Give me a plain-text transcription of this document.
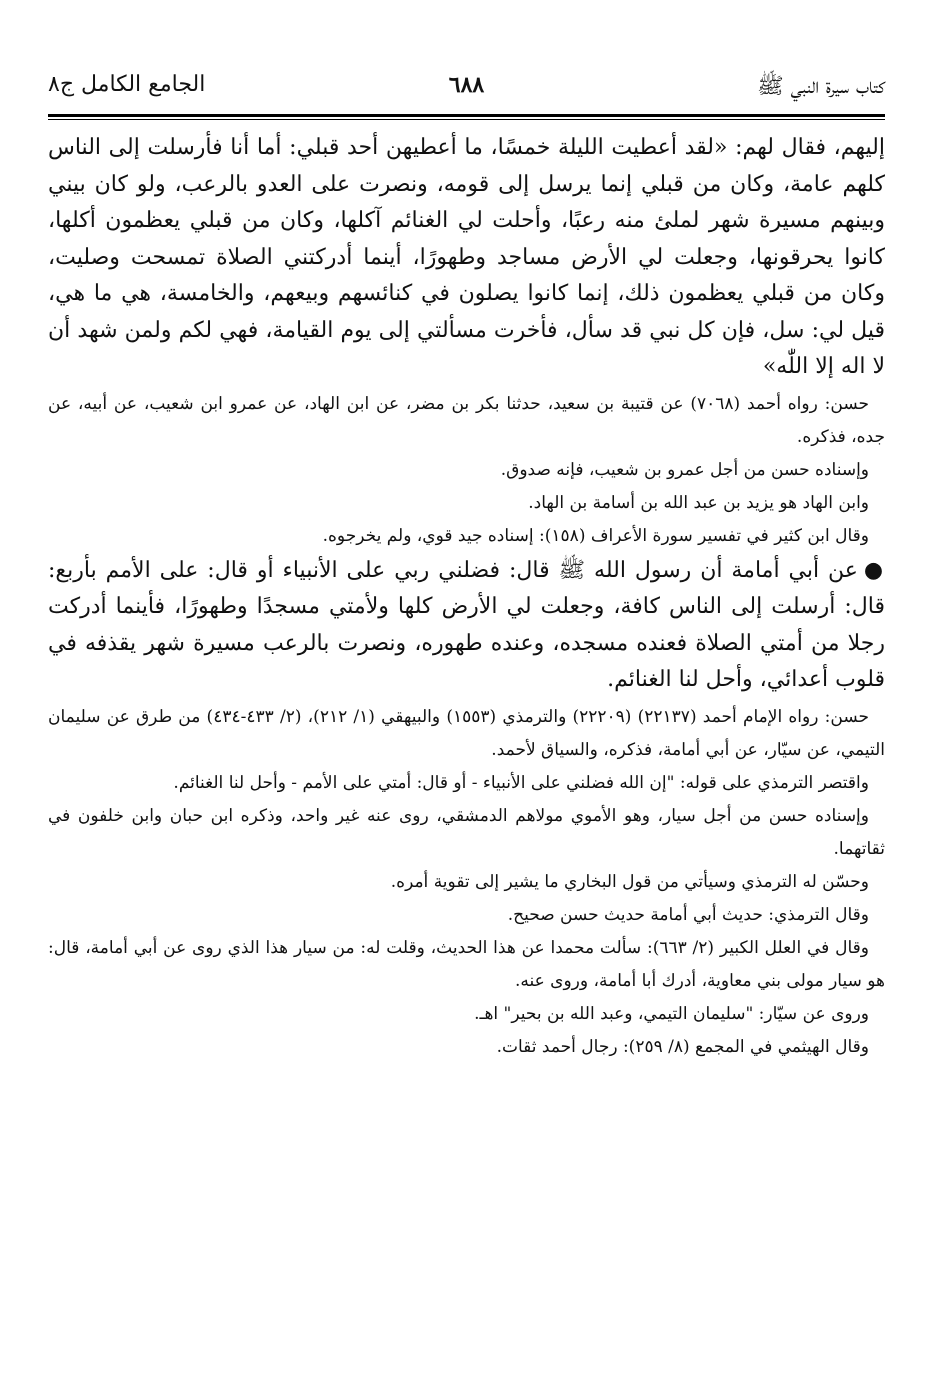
كتاب سيرة النبي ﷺ
٦٨٨
الجامع الكامل ج٨

إليهم، فقال لهم: «لقد أعطيت الليلة خمسًا، ما أعطيهن أحد قبلي: أما أنا فأرسلت إلى الناس كلهم عامة، وكان من قبلي إنما يرسل إلى قومه، ونصرت على العدو بالرعب، ولو كان بيني وبينهم مسيرة شهر لملئ منه رعبًا، وأحلت لي الغنائم آكلها، وكان من قبلي يعظمون أكلها، كانوا يحرقونها، وجعلت لي الأرض مساجد وطهورًا، أينما أدركتني الصلاة تمسحت وصليت، وكان من قبلي يعظمون ذلك، إنما كانوا يصلون في كنائسهم وبيعهم، والخامسة، هي ما هي، قيل لي: سل، فإن كل نبي قد سأل، فأخرت مسألتي إلى يوم القيامة، فهي لكم ولمن شهد أن لا اله إلا اللّٰه»

حسن: رواه أحمد (٧٠٦٨) عن قتيبة بن سعيد، حدثنا بكر بن مضر، عن ابن الهاد، عن عمرو ابن شعيب، عن أبيه، عن جده، فذكره.

وإسناده حسن من أجل عمرو بن شعيب، فإنه صدوق.

وابن الهاد هو يزيد بن عبد الله بن أسامة بن الهاد.

وقال ابن كثير في تفسير سورة الأعراف (١٥٨): إسناده جيد قوي، ولم يخرجوه.

●عن أبي أمامة أن رسول الله ﷺ قال: فضلني ربي على الأنبياء أو قال: على الأمم بأربع: قال: أرسلت إلى الناس كافة، وجعلت لي الأرض كلها ولأمتي مسجدًا وطهورًا، فأينما أدركت رجلا من أمتي الصلاة فعنده مسجده، وعنده طهوره، ونصرت بالرعب مسيرة شهر يقذفه في قلوب أعدائي، وأحل لنا الغنائم.

حسن: رواه الإمام أحمد (٢٢١٣٧) (٢٢٢٠٩) والترمذي (١٥٥٣) والبيهقي (١/ ٢١٢)، (٢/ ٤٣٣-٤٣٤) من طرق عن سليمان التيمي، عن سيّار، عن أبي أمامة، فذكره، والسياق لأحمد.

واقتصر الترمذي على قوله: "إن الله فضلني على الأنبياء - أو قال: أمتي على الأمم - وأحل لنا الغنائم.

وإسناده حسن من أجل سيار، وهو الأموي مولاهم الدمشقي، روى عنه غير واحد، وذكره ابن حبان وابن خلفون في ثقاتهما.

وحسّن له الترمذي وسيأتي من قول البخاري ما يشير إلى تقوية أمره.

وقال الترمذي: حديث أبي أمامة حديث حسن صحيح.

وقال في العلل الكبير (٢/ ٦٦٣): سألت محمدا عن هذا الحديث، وقلت له: من سيار هذا الذي روى عن أبي أمامة، قال: هو سيار مولى بني معاوية، أدرك أبا أمامة، وروى عنه.

وروى عن سيّار: "سليمان التيمي، وعبد الله بن بحير" اهـ.

وقال الهيثمي في المجمع (٨/ ٢٥٩): رجال أحمد ثقات.
